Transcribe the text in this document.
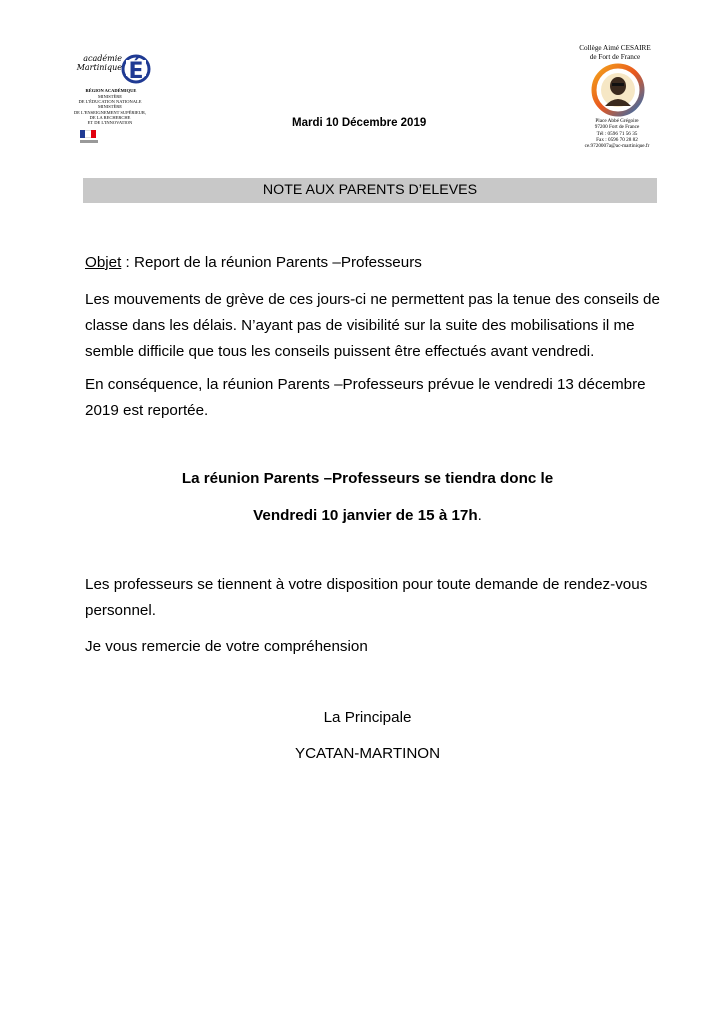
académie
Martinique É
RÉGION ACADÉMIQUE
MINISTÈRE
DE L'ÉDUCATION NATIONALE
MINISTÈRE
DE L'ENSEIGNEMENT SUPÉRIEUR,
DE LA RECHERCHE
ET DE L'INNOVATION
Collège Aimé CESAIRE
de Fort de France
Place Abbé Grégoire
97200 Fort de France
Tél : 0596 71 56 35
Fax : 0596 70 28 82
ce.9720007a@ac-martinique.fr
Mardi 10 Décembre 2019
NOTE AUX PARENTS D’ELEVES
Objet : Report de la réunion Parents –Professeurs
Les mouvements de grève de ces jours-ci ne permettent pas la tenue des conseils de classe dans les délais. N’ayant pas de visibilité sur la suite des mobilisations il me semble difficile que tous les conseils puissent être effectués avant vendredi.
En conséquence, la réunion Parents –Professeurs prévue le vendredi 13 décembre 2019 est reportée.
La réunion Parents –Professeurs se tiendra donc le
Vendredi 10 janvier de 15 à 17h.
Les professeurs se tiennent à votre disposition pour toute demande de rendez-vous personnel.
Je vous remercie de votre compréhension
La Principale
YCATAN-MARTINON
